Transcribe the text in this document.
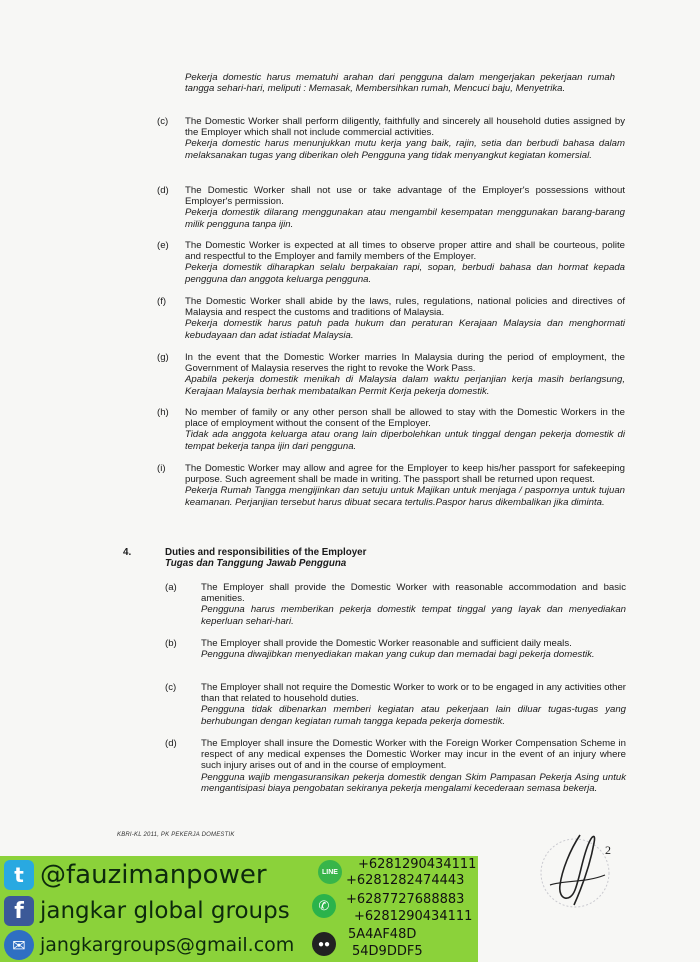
Pekerja domestic harus mematuhi arahan dari pengguna dalam mengerjakan pekerjaan rumah tangga sehari-hari, meliputi : Memasak, Membersihkan rumah, Mencuci baju, Menyetrika.

(c) The Domestic Worker shall perform diligently, faithfully and sincerely all household duties assigned by the Employer which shall not include commercial activities.

Pekerja domestic harus menunjukkan mutu kerja yang baik, rajin, setia dan berbudi bahasa dalam melaksanakan tugas yang diberikan oleh Pengguna yang tidak menyangkut kegiatan komersial.

(d) The Domestic Worker shall not use or take advantage of the Employer's possessions without Employer's permission.

Pekerja domestik dilarang menggunakan atau mengambil kesempatan menggunakan barang-barang milik pengguna tanpa ijin.

(e) The Domestic Worker is expected at all times to observe proper attire and shall be courteous, polite and respectful to the Employer and family members of the Employer.

Pekerja domestik diharapkan selalu berpakaian rapi, sopan, berbudi bahasa dan hormat kepada pengguna dan anggota keluarga pengguna.

(f) The Domestic Worker shall abide by the laws, rules, regulations, national policies and directives of Malaysia and respect the customs and traditions of Malaysia.

Pekerja domestik harus patuh pada hukum dan peraturan Kerajaan Malaysia dan menghormati kebudayaan dan adat istiadat Malaysia.

(g) In the event that the Domestic Worker marries In Malaysia during the period of employment, the Government of Malaysia reserves the right to revoke the Work Pass.

Apabila pekerja domestik menikah di Malaysia dalam waktu perjanjian kerja masih berlangsung, Kerajaan Malaysia berhak membatalkan Permit Kerja pekerja domestik.

(h) No member of family or any other person shall be allowed to stay with the Domestic Workers in the place of employment without the consent of the Employer.

Tidak ada anggota keluarga atau orang lain diperbolehkan untuk tinggal dengan pekerja domestik di tempat bekerja tanpa ijin dari pengguna.

(i) The Domestic Worker may allow and agree for the Employer to keep his/her passport for safekeeping purpose. Such agreement shall be made in writing. The passport shall be returned upon request.

Pekerja Rumah Tangga mengijinkan dan setuju untuk Majikan untuk menjaga / paspornya untuk tujuan keamanan. Perjanjian tersebut harus dibuat secara tertulis.Paspor harus dikembalikan jika diminta.

4.	Duties and responsibilities of the Employer
Tugas dan Tanggung Jawab Pengguna
(a)	The Employer shall provide the Domestic Worker with reasonable accommodation and basic amenities.

Pengguna harus memberikan pekerja domestik tempat tinggal yang layak dan menyediakan keperluan sehari-hari.

(b)	The Employer shall provide the Domestic Worker reasonable and sufficient daily meals.

Pengguna diwajibkan menyediakan makan yang cukup dan memadai bagi pekerja domestik.

(c)	The Employer shall not require the Domestic Worker to work or to be engaged in any activities other than that related to household duties.

Pengguna tidak dibenarkan memberi kegiatan atau pekerjaan lain diluar tugas-tugas yang berhubungan dengan kegiatan rumah tangga kepada pekerja domestik.

(d)	The Employer shall insure the Domestic Worker with the Foreign Worker Compensation Scheme in respect of any medical expenses the Domestic Worker may incur in the event of an injury where such injury arises out of and in the course of employment.

Pengguna wajib mengasuransikan pekerja domestik dengan Skim Pampasan Pekerja Asing untuk mengantisipasi biaya pengobatan sekiranya pekerja mengalami kecederaan semasa bekerja.

KBRI-KL 2011, PK PEKERJA DOMESTIK
2
t @fauzimanpower
f jangkar global groups
✉ jangkargroups@gmail.com
LINE	+6281290434111
+6281282474443
✆	+6287727688883
+6281290434111
●●
5A4AF48D
54D9DDF5
